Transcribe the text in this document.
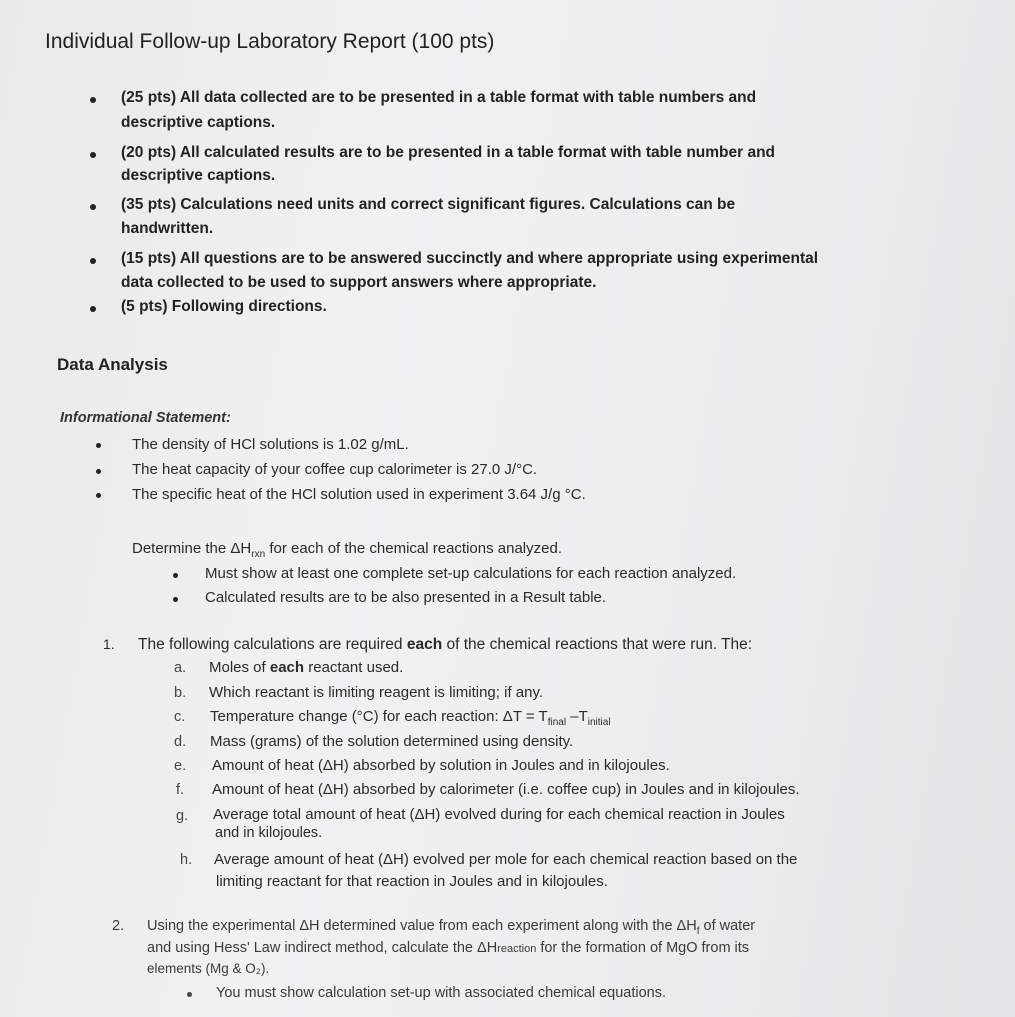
Individual Follow-up Laboratory Report (100 pts)
(25 pts) All data collected are to be presented in a table format with table numbers and
descriptive captions.
(20 pts) All calculated results are to be presented in a table format with table number and
descriptive captions.
(35 pts) Calculations need units and correct significant figures. Calculations can be
handwritten.
(15 pts) All questions are to be answered succinctly and where appropriate using experimental
data collected to be used to support answers where appropriate.
(5 pts) Following directions.
Data Analysis
Informational Statement:
The density of HCl solutions is 1.02 g/mL.
The heat capacity of your coffee cup calorimeter is 27.0 J/°C.
The specific heat of the HCl solution used in experiment 3.64 J/g °C.
Determine the $\Delta H_{rxn}$ for each of the chemical reactions analyzed.
Must show at least one complete set-up calculations for each reaction analyzed.
Calculated results are to be also presented in a Result table.
1. The following calculations are required each of the chemical reactions that were run. The:
a. Moles of each reactant used.
b. Which reactant is limiting reagent is limiting; if any.
c. Temperature change (°C) for each reaction: $\Delta T = T_{final}$ $-T_{initial}$
d. Mass (grams) of the solution determined using density.
e. Amount of heat (ΔH) absorbed by solution in Joules and in kilojoules.
f. Amount of heat (ΔH) absorbed by calorimeter (i.e. coffee cup) in Joules and in kilojoules.
g. Average total amount of heat (ΔH) evolved during for each chemical reaction in Joules
and in kilojoules.
h. Average amount of heat (ΔH) evolved per mole for each chemical reaction based on the
limiting reactant for that reaction in Joules and in kilojoules.
2. Using the experimental ΔH determined value from each experiment along with the $\Delta H_f$ of water
and using Hess' Law indirect method, calculate the ΔHreaction for the formation of MgO from its
elements (Mg & O₂).
You must show calculation set-up with associated chemical equations.
